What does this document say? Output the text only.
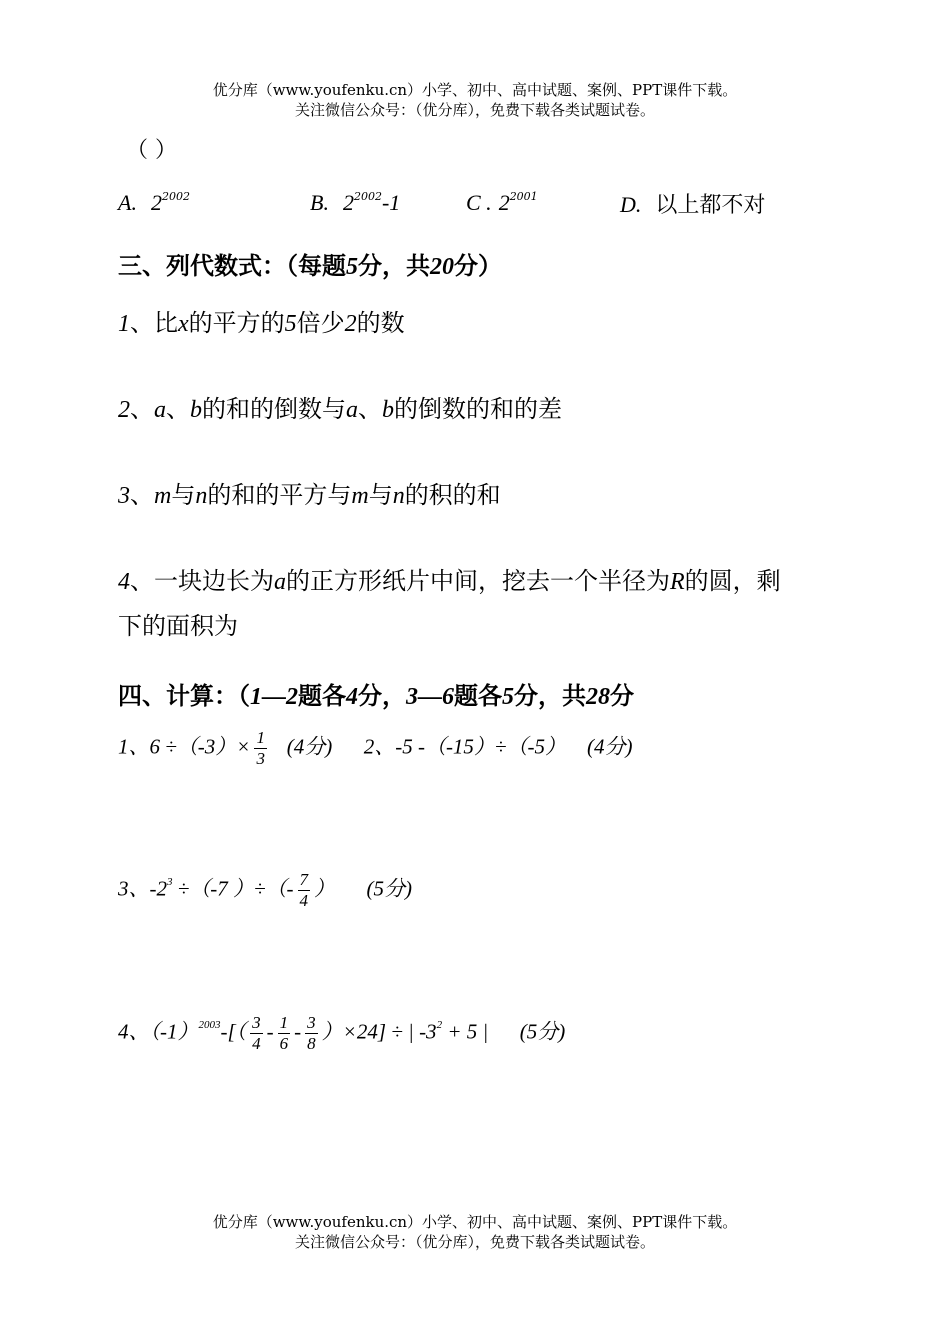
优分库（www.youfenku.cn）小学、初中、高中试题、案例、PPT课件下载。
关注微信公众号：（优分库），免费下载各类试题试卷。
（ ）
A. $2^{2002}$	B. $2^{2002}-1$	C . $2^{2001}$	D. 以上都不对
三、列代数式：（每题5分，共20分）
1、比x的平方的5倍少2的数
2、a、b的和的倒数与a、b的倒数的和的差
3、m与n的和的平方与m与n的积的和
4、一块边长为a的正方形纸片中间，挖去一个半径为R的圆，剩
下的面积为
四、计算：（1—2题各4分，3—6题各5分，共28分
1、$6 \div(-3)\times \frac{1}{3} (4$分) 2、-5 -（-15）÷（-5） (4分)
3、$-2^3 \div(-7$ ）÷（- $\frac{7}{4}$ ） (5分)
4、$(-1)^{2003}-[( \frac{3}{4} - \frac{1}{6} - \frac{3}{8} )\times 24]$ ÷ | $-3^2 + 5$ | (5分)
优分库（www.youfenku.cn）小学、初中、高中试题、案例、PPT课件下载。
关注微信公众号：（优分库），免费下载各类试题试卷。
